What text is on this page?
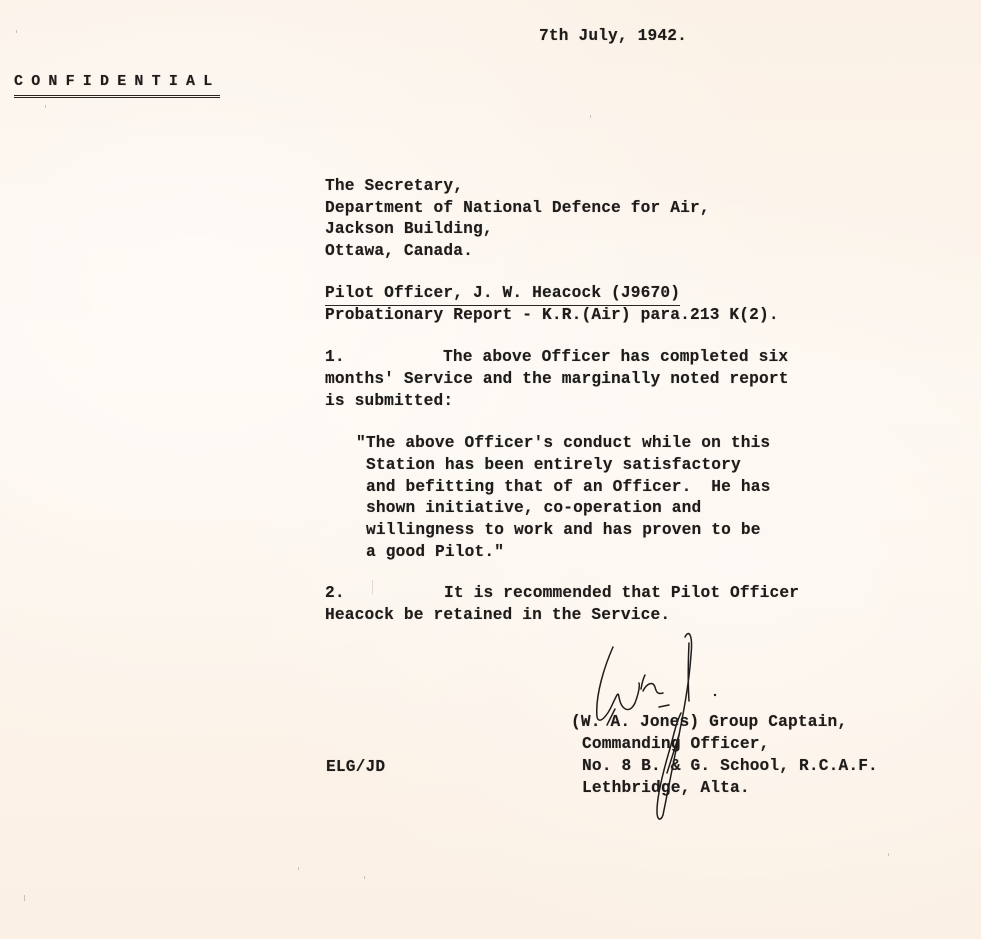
7th July, 1942.
CONFIDENTIAL
The Secretary,
Department of National Defence for Air,
Jackson Building,
Ottawa, Canada.
Pilot Officer, J. W. Heacock (J9670)
Probationary Report - K.R.(Air) para.213 K(2).
1.	The above Officer has completed six
months' Service and the marginally noted report
is submitted:
"The above Officer's conduct while on this
Station has been entirely satisfactory
and befitting that of an Officer.  He has
shown initiative, co-operation and
willingness to work and has proven to be
a good Pilot."
2.	It is recommended that Pilot Officer
Heacock be retained in the Service.
(W. A. Jones) Group Captain,
Commanding Officer,
No. 8 B. & G. School, R.C.A.F.
Lethbridge, Alta.
ELG/JD
